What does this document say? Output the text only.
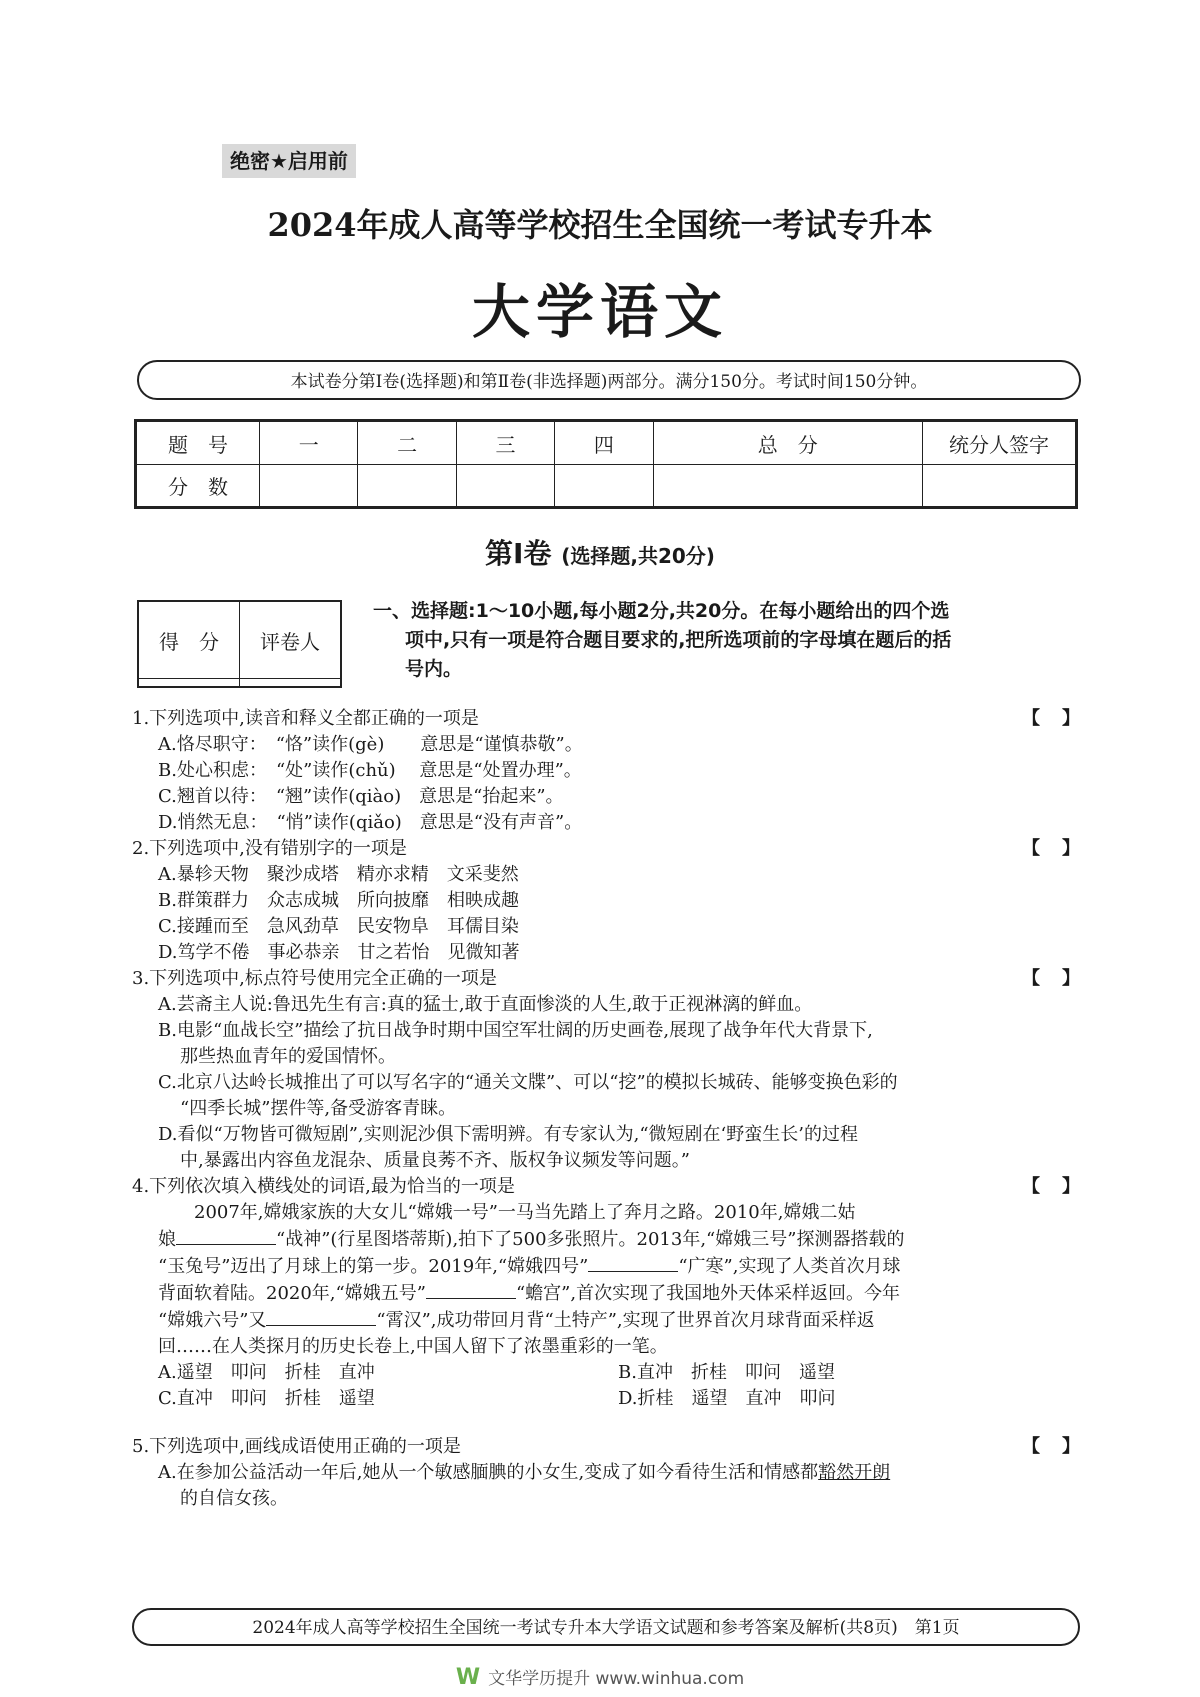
绝密★启用前
2024年成人高等学校招生全国统一考试专升本
大学语文
本试卷分第Ⅰ卷(选择题)和第Ⅱ卷(非选择题)两部分。满分150分。考试时间150分钟。
题　号	一	二	三	四	总　分	统分人签字
分　数						
第Ⅰ卷 (选择题,共20分)
得　分	评卷人

一、选择题:1～10小题,每小题2分,共20分。在每小题给出的四个选
项中,只有一项是符合题目要求的,把所选项前的字母填在题后的括
号内。
1.下列选项中,读音和释义全都正确的一项是	【　】
A.恪尽职守：　“恪”读作(gè)　　意思是“谨慎恭敬”。
B.处心积虑：　“处”读作(chǔ)　 意思是“处置办理”。
C.翘首以待：　“翘”读作(qiào)　意思是“抬起来”。
D.悄然无息：　“悄”读作(qiǎo)　意思是“没有声音”。
2.下列选项中,没有错别字的一项是	【　】
A.暴轸天物　聚沙成塔　精亦求精　文采斐然
B.群策群力　众志成城　所向披靡　相映成趣
C.接踵而至　急风劲草　民安物阜　耳儒目染
D.笃学不倦　事必恭亲　甘之若怡　见微知著
3.下列选项中,标点符号使用完全正确的一项是	【　】
A.芸斋主人说:鲁迅先生有言:真的猛士,敢于直面惨淡的人生,敢于正视淋漓的鲜血。
B.电影“血战长空”描绘了抗日战争时期中国空军壮阔的历史画卷,展现了战争年代大背景下,
那些热血青年的爱国情怀。
C.北京八达岭长城推出了可以写名字的“通关文牒”、可以“挖”的模拟长城砖、能够变换色彩的
“四季长城”摆件等,备受游客青睐。
D.看似“万物皆可微短剧”,实则泥沙俱下需明辨。有专家认为,“微短剧在‘野蛮生长’的过程
中,暴露出内容鱼龙混杂、质量良莠不齐、版权争议频发等问题。”
4.下列依次填入横线处的词语,最为恰当的一项是	【　】
2007年,嫦娥家族的大女儿“嫦娥一号”一马当先踏上了奔月之路。2010年,嫦娥二姑
娘	“战神”(行星图塔蒂斯),拍下了500多张照片。2013年,“嫦娥三号”探测器搭载的
“玉兔号”迈出了月球上的第一步。2019年,“嫦娥四号”	“广寒”,实现了人类首次月球
背面软着陆。2020年,“嫦娥五号”	“蟾宫”,首次实现了我国地外天体采样返回。今年
“嫦娥六号”又	“霄汉”,成功带回月背“土特产”,实现了世界首次月球背面采样返
回……在人类探月的历史长卷上,中国人留下了浓墨重彩的一笔。
A.遥望　叩问　折桂　直冲	B.直冲　折桂　叩问　遥望
C.直冲　叩问　折桂　遥望	D.折桂　遥望　直冲　叩问
5.下列选项中,画线成语使用正确的一项是	【　】
A.在参加公益活动一年后,她从一个敏感腼腆的小女生,变成了如今看待生活和情感都豁然开朗
的自信女孩。
2024年成人高等学校招生全国统一考试专升本大学语文试题和参考答案及解析(共8页)　第1页
W 文华学历提升 www.winhua.com
